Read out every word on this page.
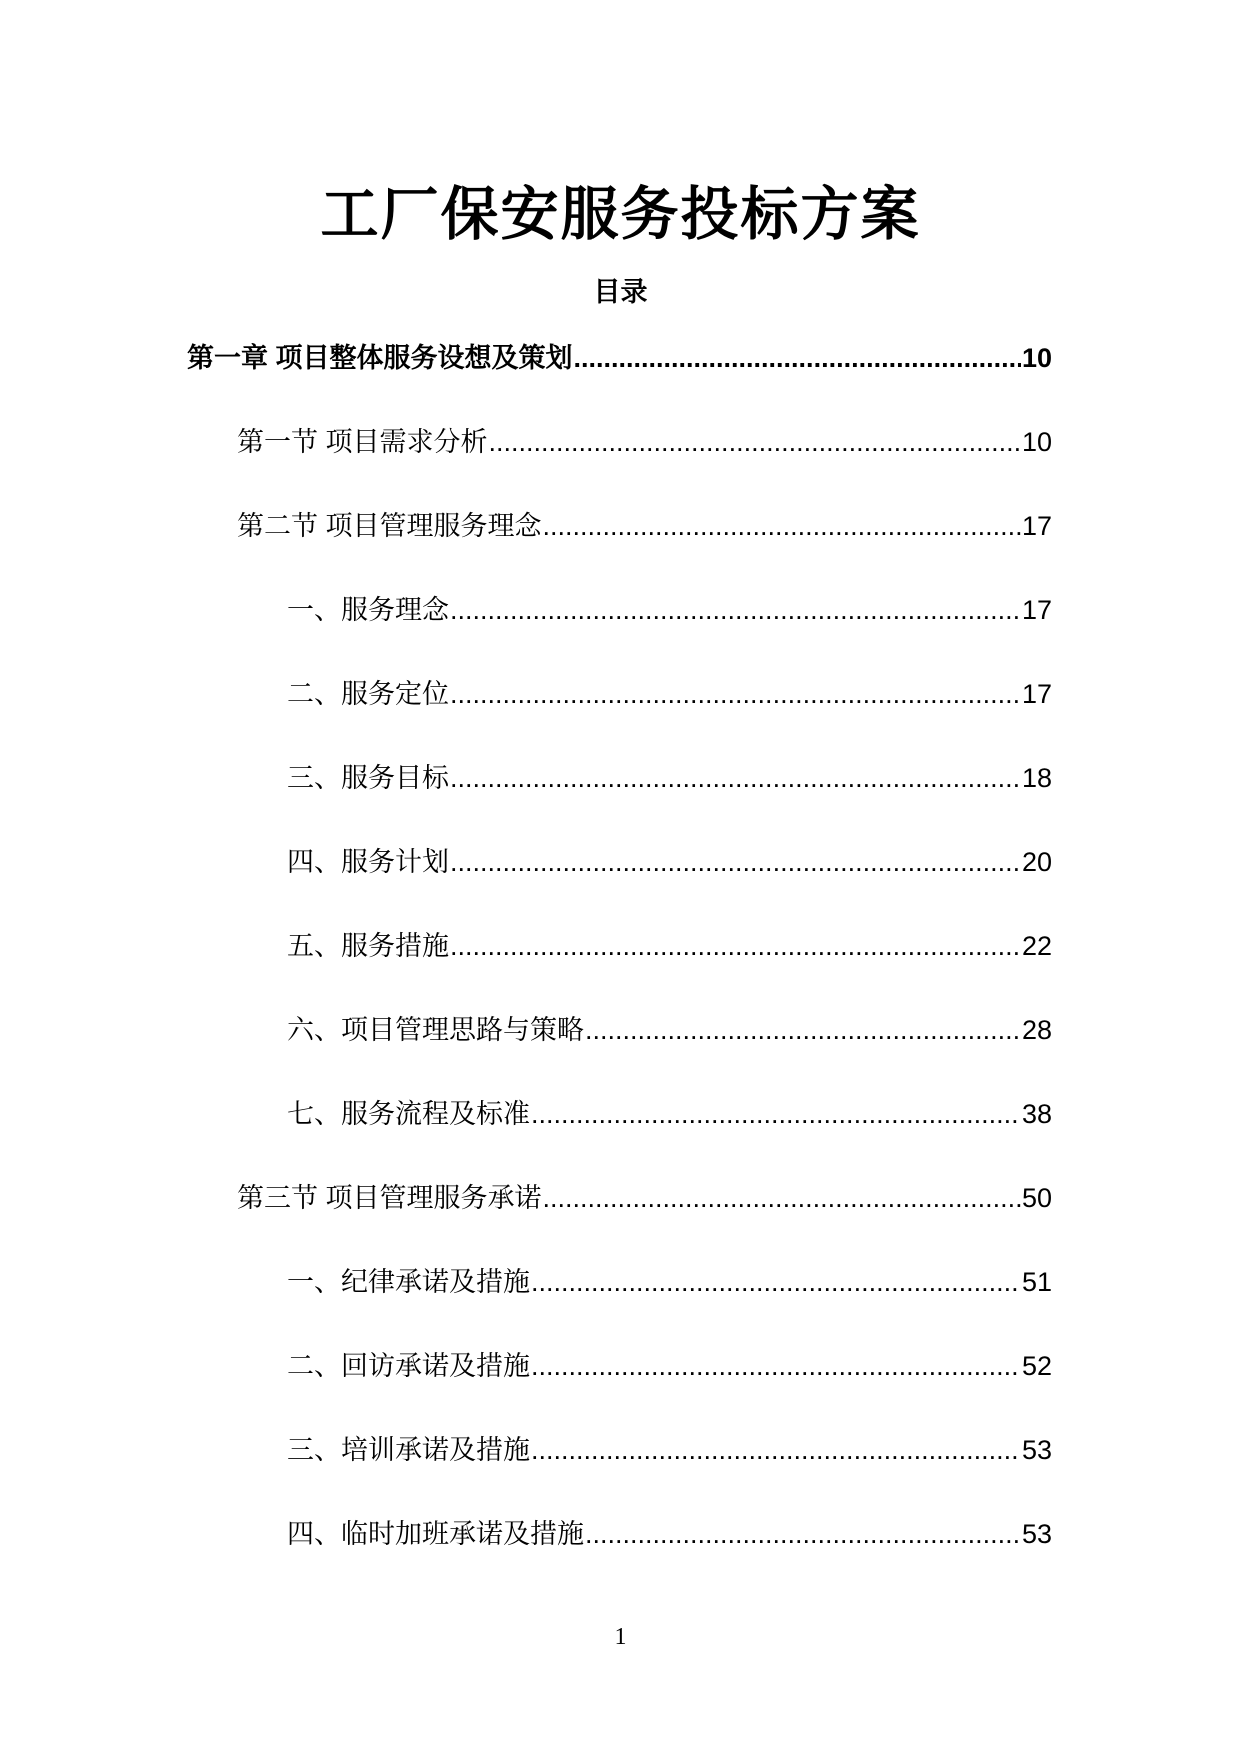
工厂保安服务投标方案
目录
第一章 项目整体服务设想及策划 .....	10
第一节 项目需求分析 .....	10
第二节 项目管理服务理念 .....	17
一、服务理念 .....	17
二、服务定位 .....	17
三、服务目标 .....	18
四、服务计划 .....	20
五、服务措施 .....	22
六、项目管理思路与策略 .....	28
七、服务流程及标准 .....	38
第三节 项目管理服务承诺 .....	50
一、纪律承诺及措施 .....	51
二、回访承诺及措施 .....	52
三、培训承诺及措施 .....	53
四、临时加班承诺及措施 .....	53
1
